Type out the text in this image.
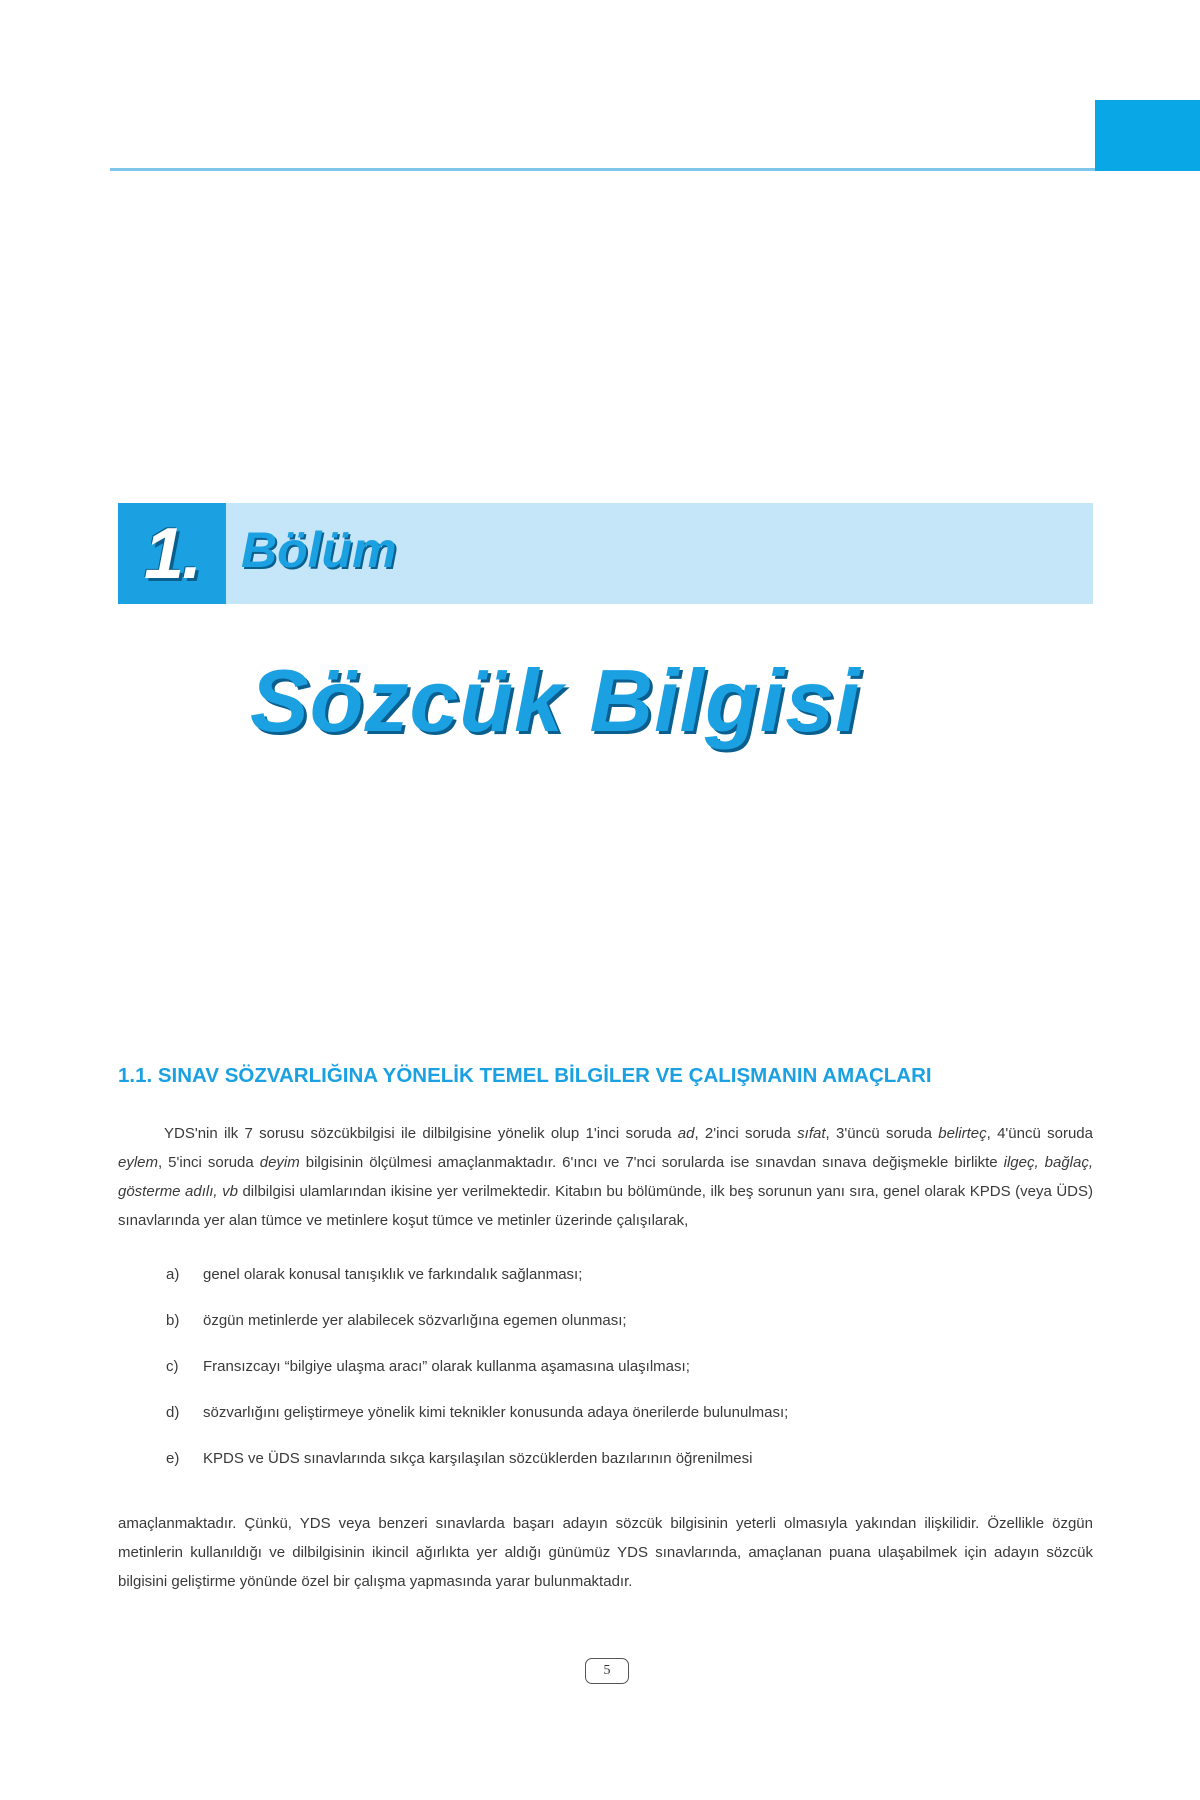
1. Bölüm
Sözcük Bilgisi
1.1. SINAV SÖZVARLIĞINA YÖNELİK TEMEL BİLGİLER VE ÇALIŞMANIN AMAÇLARI

YDS'nin ilk 7 sorusu sözcükbilgisi ile dilbilgisine yönelik olup 1'inci soruda ad, 2'inci soruda sıfat, 3'üncü soruda belirteç, 4'üncü soruda eylem, 5'inci soruda deyim bilgisinin ölçülmesi amaçlanmaktadır. 6'ıncı ve 7'nci sorularda ise sınavdan sınava değişmekle birlikte ilgeç, bağlaç, gösterme adılı, vb dilbilgisi ulamlarından ikisine yer verilmektedir. Kitabın bu bölümünde, ilk beş sorunun yanı sıra, genel olarak KPDS (veya ÜDS) sınavlarında yer alan tümce ve metinlere koşut tümce ve metinler üzerinde çalışılarak,

a)	genel olarak konusal tanışıklık ve farkındalık sağlanması;
b)	özgün metinlerde yer alabilecek sözvarlığına egemen olunması;
c)	Fransızcayı “bilgiye ulaşma aracı” olarak kullanma aşamasına ulaşılması;
d)	sözvarlığını geliştirmeye yönelik kimi teknikler konusunda adaya önerilerde bulunulması;
e)	KPDS ve ÜDS sınavlarında sıkça karşılaşılan sözcüklerden bazılarının öğrenilmesi

amaçlanmaktadır. Çünkü, YDS veya benzeri sınavlarda başarı adayın sözcük bilgisinin yeterli olmasıyla yakından ilişkilidir. Özellikle özgün metinlerin kullanıldığı ve dilbilgisinin ikincil ağırlıkta yer aldığı günümüz YDS sınavlarında, amaçlanan puana ulaşabilmek için adayın sözcük bilgisini geliştirme yönünde özel bir çalışma yapmasında yarar bulunmaktadır.

5
